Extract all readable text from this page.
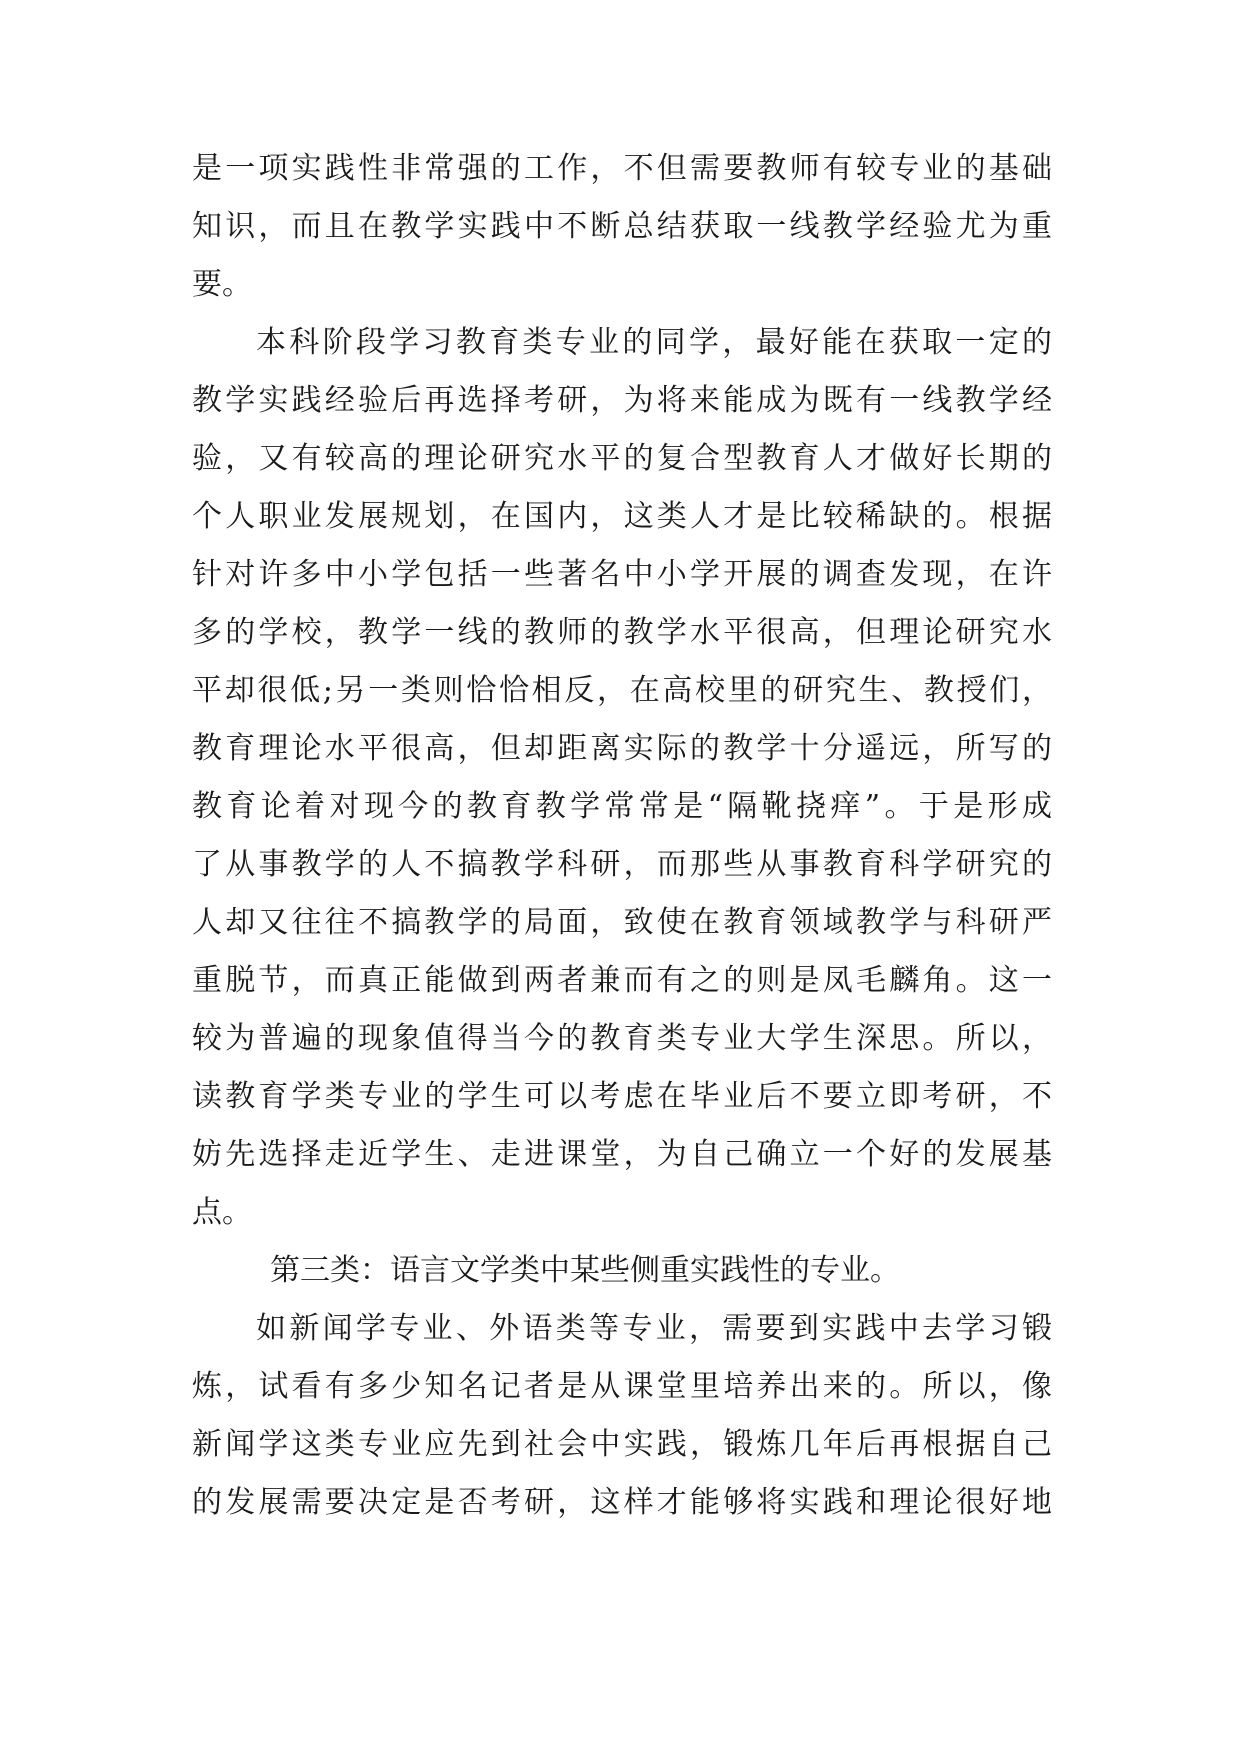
是一项实践性非常强的工作，不但需要教师有较专业的基础
知识，而且在教学实践中不断总结获取一线教学经验尤为重
要。
本科阶段学习教育类专业的同学，最好能在获取一定的
教学实践经验后再选择考研，为将来能成为既有一线教学经
验，又有较高的理论研究水平的复合型教育人才做好长期的
个人职业发展规划，在国内，这类人才是比较稀缺的。根据
针对许多中小学包括一些著名中小学开展的调查发现，在许
多的学校，教学一线的教师的教学水平很高，但理论研究水
平却很低;另一类则恰恰相反，在高校里的研究生、教授们，
教育理论水平很高，但却距离实际的教学十分遥远，所写的
教育论着对现今的教育教学常常是“隔靴挠痒”。于是形成
了从事教学的人不搞教学科研，而那些从事教育科学研究的
人却又往往不搞教学的局面，致使在教育领域教学与科研严
重脱节，而真正能做到两者兼而有之的则是凤毛麟角。这一
较为普遍的现象值得当今的教育类专业大学生深思。所以，
读教育学类专业的学生可以考虑在毕业后不要立即考研，不
妨先选择走近学生、走进课堂，为自己确立一个好的发展基
点。
第三类：语言文学类中某些侧重实践性的专业。
如新闻学专业、外语类等专业，需要到实践中去学习锻
炼，试看有多少知名记者是从课堂里培养出来的。所以，像
新闻学这类专业应先到社会中实践，锻炼几年后再根据自己
的发展需要决定是否考研，这样才能够将实践和理论很好地
